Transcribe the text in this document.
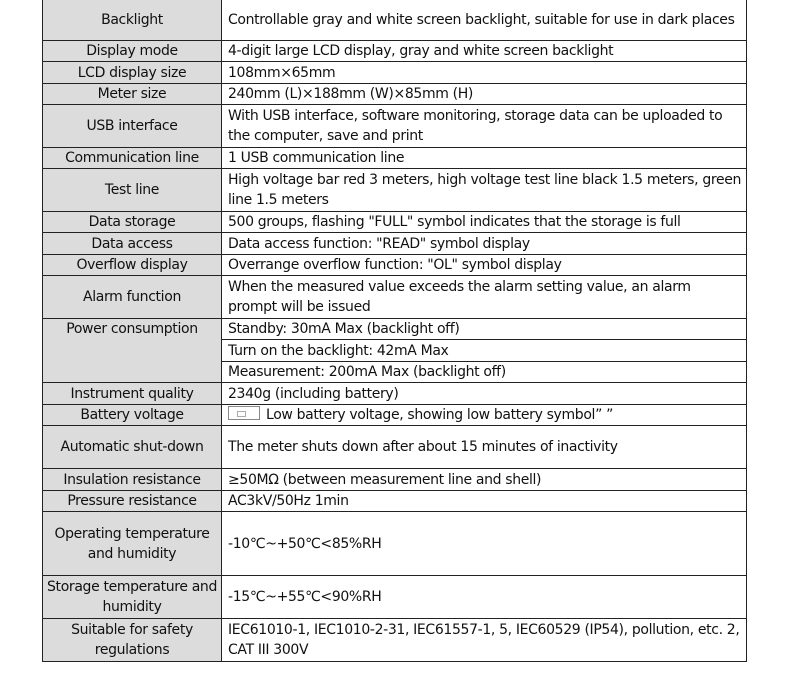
Backlight	Controllable gray and white screen backlight, suitable for use in dark places
Display mode	4-digit large LCD display, gray and white screen backlight
LCD display size	108mm×65mm
Meter size	240mm (L)×188mm (W)×85mm (H)
USB interface	With USB interface, software monitoring, storage data can be uploaded to the computer, save and print
Communication line	1 USB communication line
Test line	High voltage bar red 3 meters, high voltage test line black 1.5 meters, green line 1.5 meters
Data storage	500 groups, flashing "FULL" symbol indicates that the storage is full
Data access	Data access function: "READ" symbol display
Overflow display	Overrange overflow function: "OL" symbol display
Alarm function	When the measured value exceeds the alarm setting value, an alarm prompt will be issued
Power consumption	Standby: 30mA Max (backlight off)
	Turn on the backlight: 42mA Max
	Measurement: 200mA Max (backlight off)
Instrument quality	2340g (including battery)
Battery voltage	Low battery voltage, showing low battery symbol” ”
Automatic shut-down	The meter shuts down after about 15 minutes of inactivity
Insulation resistance	≥50MΩ (between measurement line and shell)
Pressure resistance	AC3kV/50Hz 1min
Operating temperature and humidity	-10℃~+50℃<85%RH
Storage temperature and humidity	-15℃~+55℃<90%RH
Suitable for safety regulations	IEC61010-1, IEC1010-2-31, IEC61557-1, 5, IEC60529 (IP54), pollution, etc. 2, CAT III 300V
